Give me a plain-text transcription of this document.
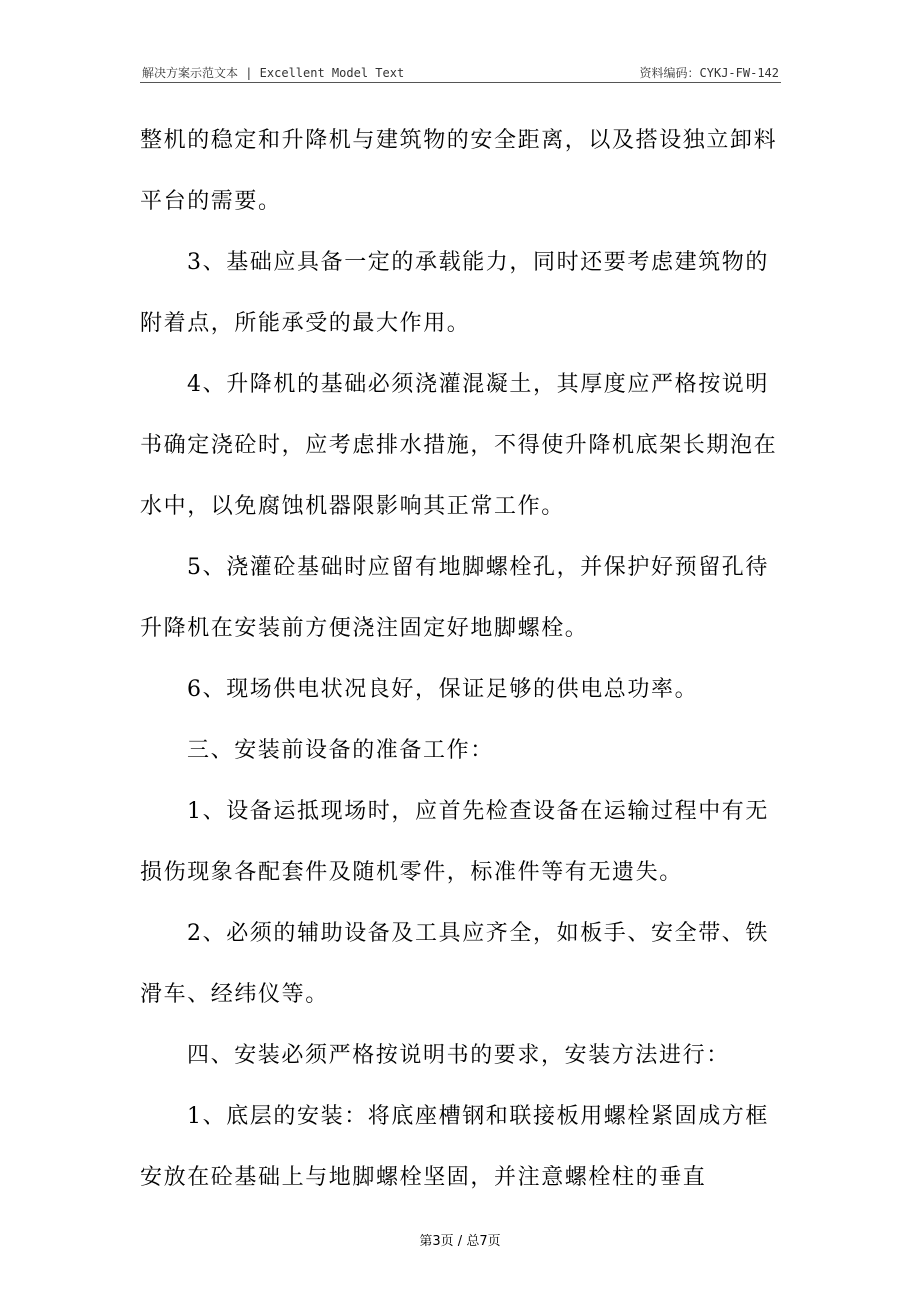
解决方案示范文本 | Excellent Model Text	资料编码：CYKJ-FW-142

整机的稳定和升降机与建筑物的安全距离，以及搭设独立卸料平台的需要。

3、基础应具备一定的承载能力，同时还要考虑建筑物的附着点，所能承受的最大作用。

4、升降机的基础必须浇灌混凝土，其厚度应严格按说明书确定浇砼时，应考虑排水措施，不得使升降机底架长期泡在水中，以免腐蚀机器限影响其正常工作。

5、浇灌砼基础时应留有地脚螺栓孔，并保护好预留孔待升降机在安装前方便浇注固定好地脚螺栓。

6、现场供电状况良好，保证足够的供电总功率。

三、安装前设备的准备工作：

1、设备运抵现场时，应首先检查设备在运输过程中有无损伤现象各配套件及随机零件，标准件等有无遗失。

2、必须的辅助设备及工具应齐全，如板手、安全带、铁滑车、经纬仪等。

四、安装必须严格按说明书的要求，安装方法进行：

1、底层的安装：将底座槽钢和联接板用螺栓紧固成方框安放在砼基础上与地脚螺栓坚固，并注意螺栓柱的垂直

第3页 / 总7页
